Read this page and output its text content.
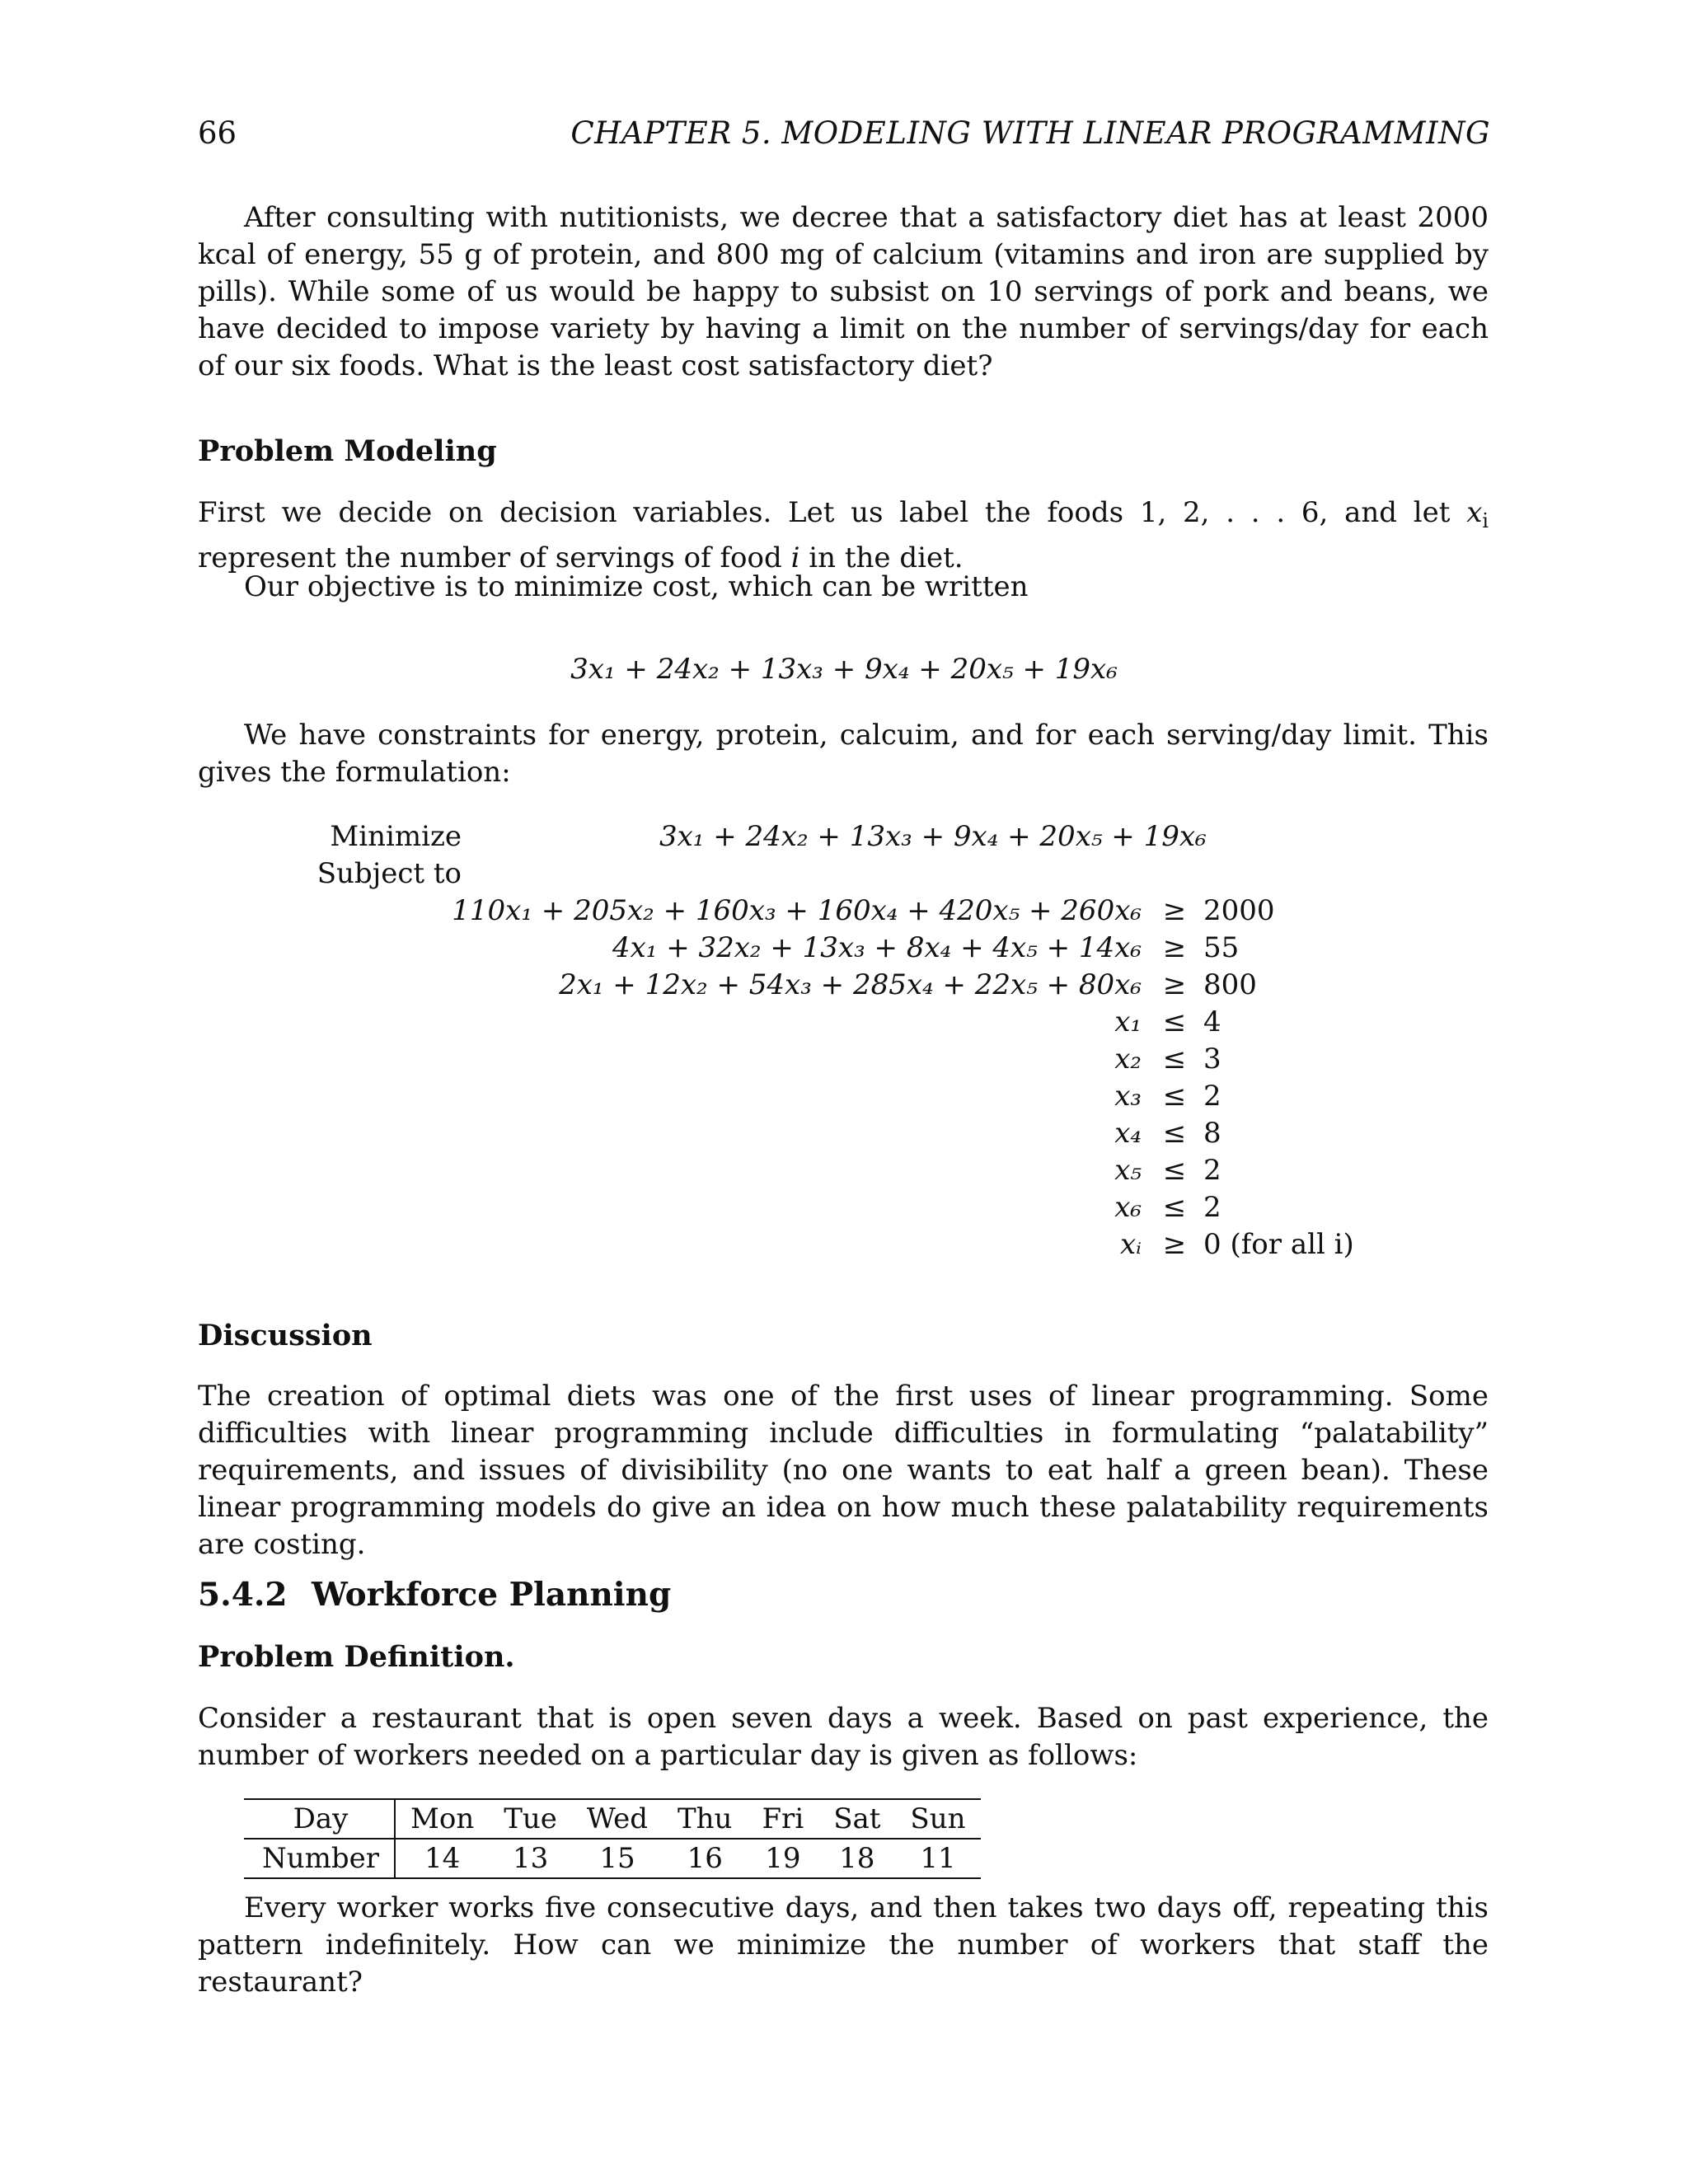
66	CHAPTER 5. MODELING WITH LINEAR PROGRAMMING
After consulting with nutitionists, we decree that a satisfactory diet has at least 2000 kcal of energy, 55 g of protein, and 800 mg of calcium (vitamins and iron are supplied by pills). While some of us would be happy to subsist on 10 servings of pork and beans, we have decided to impose variety by having a limit on the number of servings/day for each of our six foods. What is the least cost satisfactory diet?
Problem Modeling
First we decide on decision variables. Let us label the foods 1, 2, . . . 6, and let $x_i$ represent the number of servings of food i in the diet.
Our objective is to minimize cost, which can be written
3x₁ + 24x₂ + 13x₃ + 9x₄ + 20x₅ + 19x₆
We have constraints for energy, protein, calcuim, and for each serving/day limit. This gives the formulation:
Minimize
Subject to
3x₁ + 24x₂ + 13x₃ + 9x₄ + 20x₅ + 19x₆
110x₁ + 205x₂ + 160x₃ + 160x₄ + 420x₅ + 260x₆ ≥ 2000
4x₁ + 32x₂ + 13x₃ + 8x₄ + 4x₅ + 14x₆ ≥ 55
2x₁ + 12x₂ + 54x₃ + 285x₄ + 22x₅ + 80x₆ ≥ 800
x₁ ≤ 4
x₂ ≤ 3
x₃ ≤ 2
x₄ ≤ 8
x₅ ≤ 2
x₆ ≤ 2
xᵢ ≥ 0 (for all i)
Discussion
The creation of optimal diets was one of the first uses of linear programming. Some difficulties with linear programming include difficulties in formulating “palatability” requirements, and issues of divisibility (no one wants to eat half a green bean). These linear programming models do give an idea on how much these palatability requirements are costing.
5.4.2 Workforce Planning
Problem Definition.
Consider a restaurant that is open seven days a week. Based on past experience, the number of workers needed on a particular day is given as follows:
Day	Mon	Tue	Wed	Thu	Fri	Sat	Sun
Number	14	13	15	16	19	18	11
Every worker works five consecutive days, and then takes two days off, repeating this pattern indefinitely. How can we minimize the number of workers that staff the restaurant?
